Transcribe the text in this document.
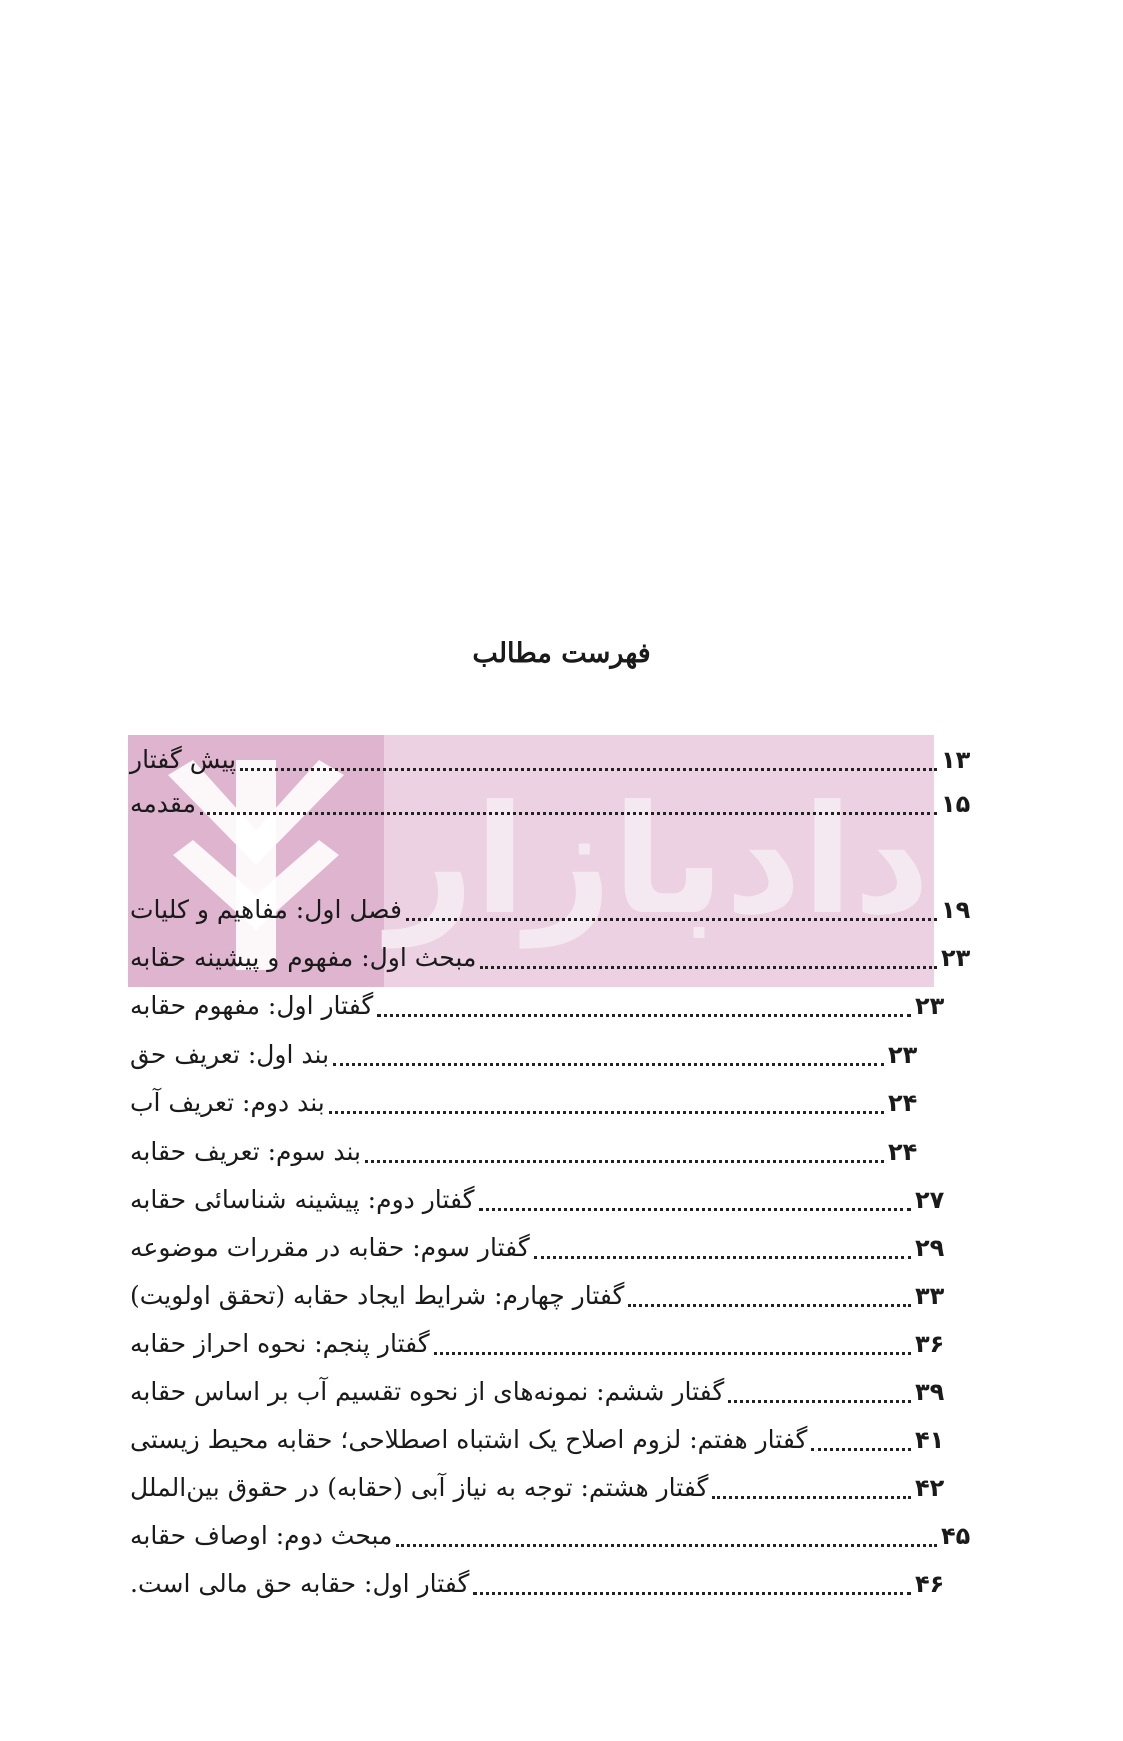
دادبازار
فهرست مطالب
پیش گفتار	۱۳
مقدمه	۱۵
فصل اول: مفاهیم و کلیات	۱۹
مبحث اول: مفهوم و پیشینه حقابه	۲۳
گفتار اول: مفهوم حقابه	۲۳
بند اول: تعریف حق	۲۳
بند دوم: تعریف آب	۲۴
بند سوم: تعریف حقابه	۲۴
گفتار دوم: پیشینه شناسائی حقابه	۲۷
گفتار سوم: حقابه در مقررات موضوعه	۲۹
گفتار چهارم: شرایط ایجاد حقابه (تحقق اولویت)	۳۳
گفتار پنجم: نحوه احراز حقابه	۳۶
گفتار ششم: نمونه‌های از نحوه تقسیم آب بر اساس حقابه	۳۹
گفتار هفتم: لزوم اصلاح یک اشتباه اصطلاحی؛ حقابه محیط زیستی	۴۱
گفتار هشتم: توجه به نیاز آبی (حقابه) در حقوق بین‌الملل	۴۲
مبحث دوم: اوصاف حقابه	۴۵
گفتار اول: حقابه حق مالی است.	۴۶
